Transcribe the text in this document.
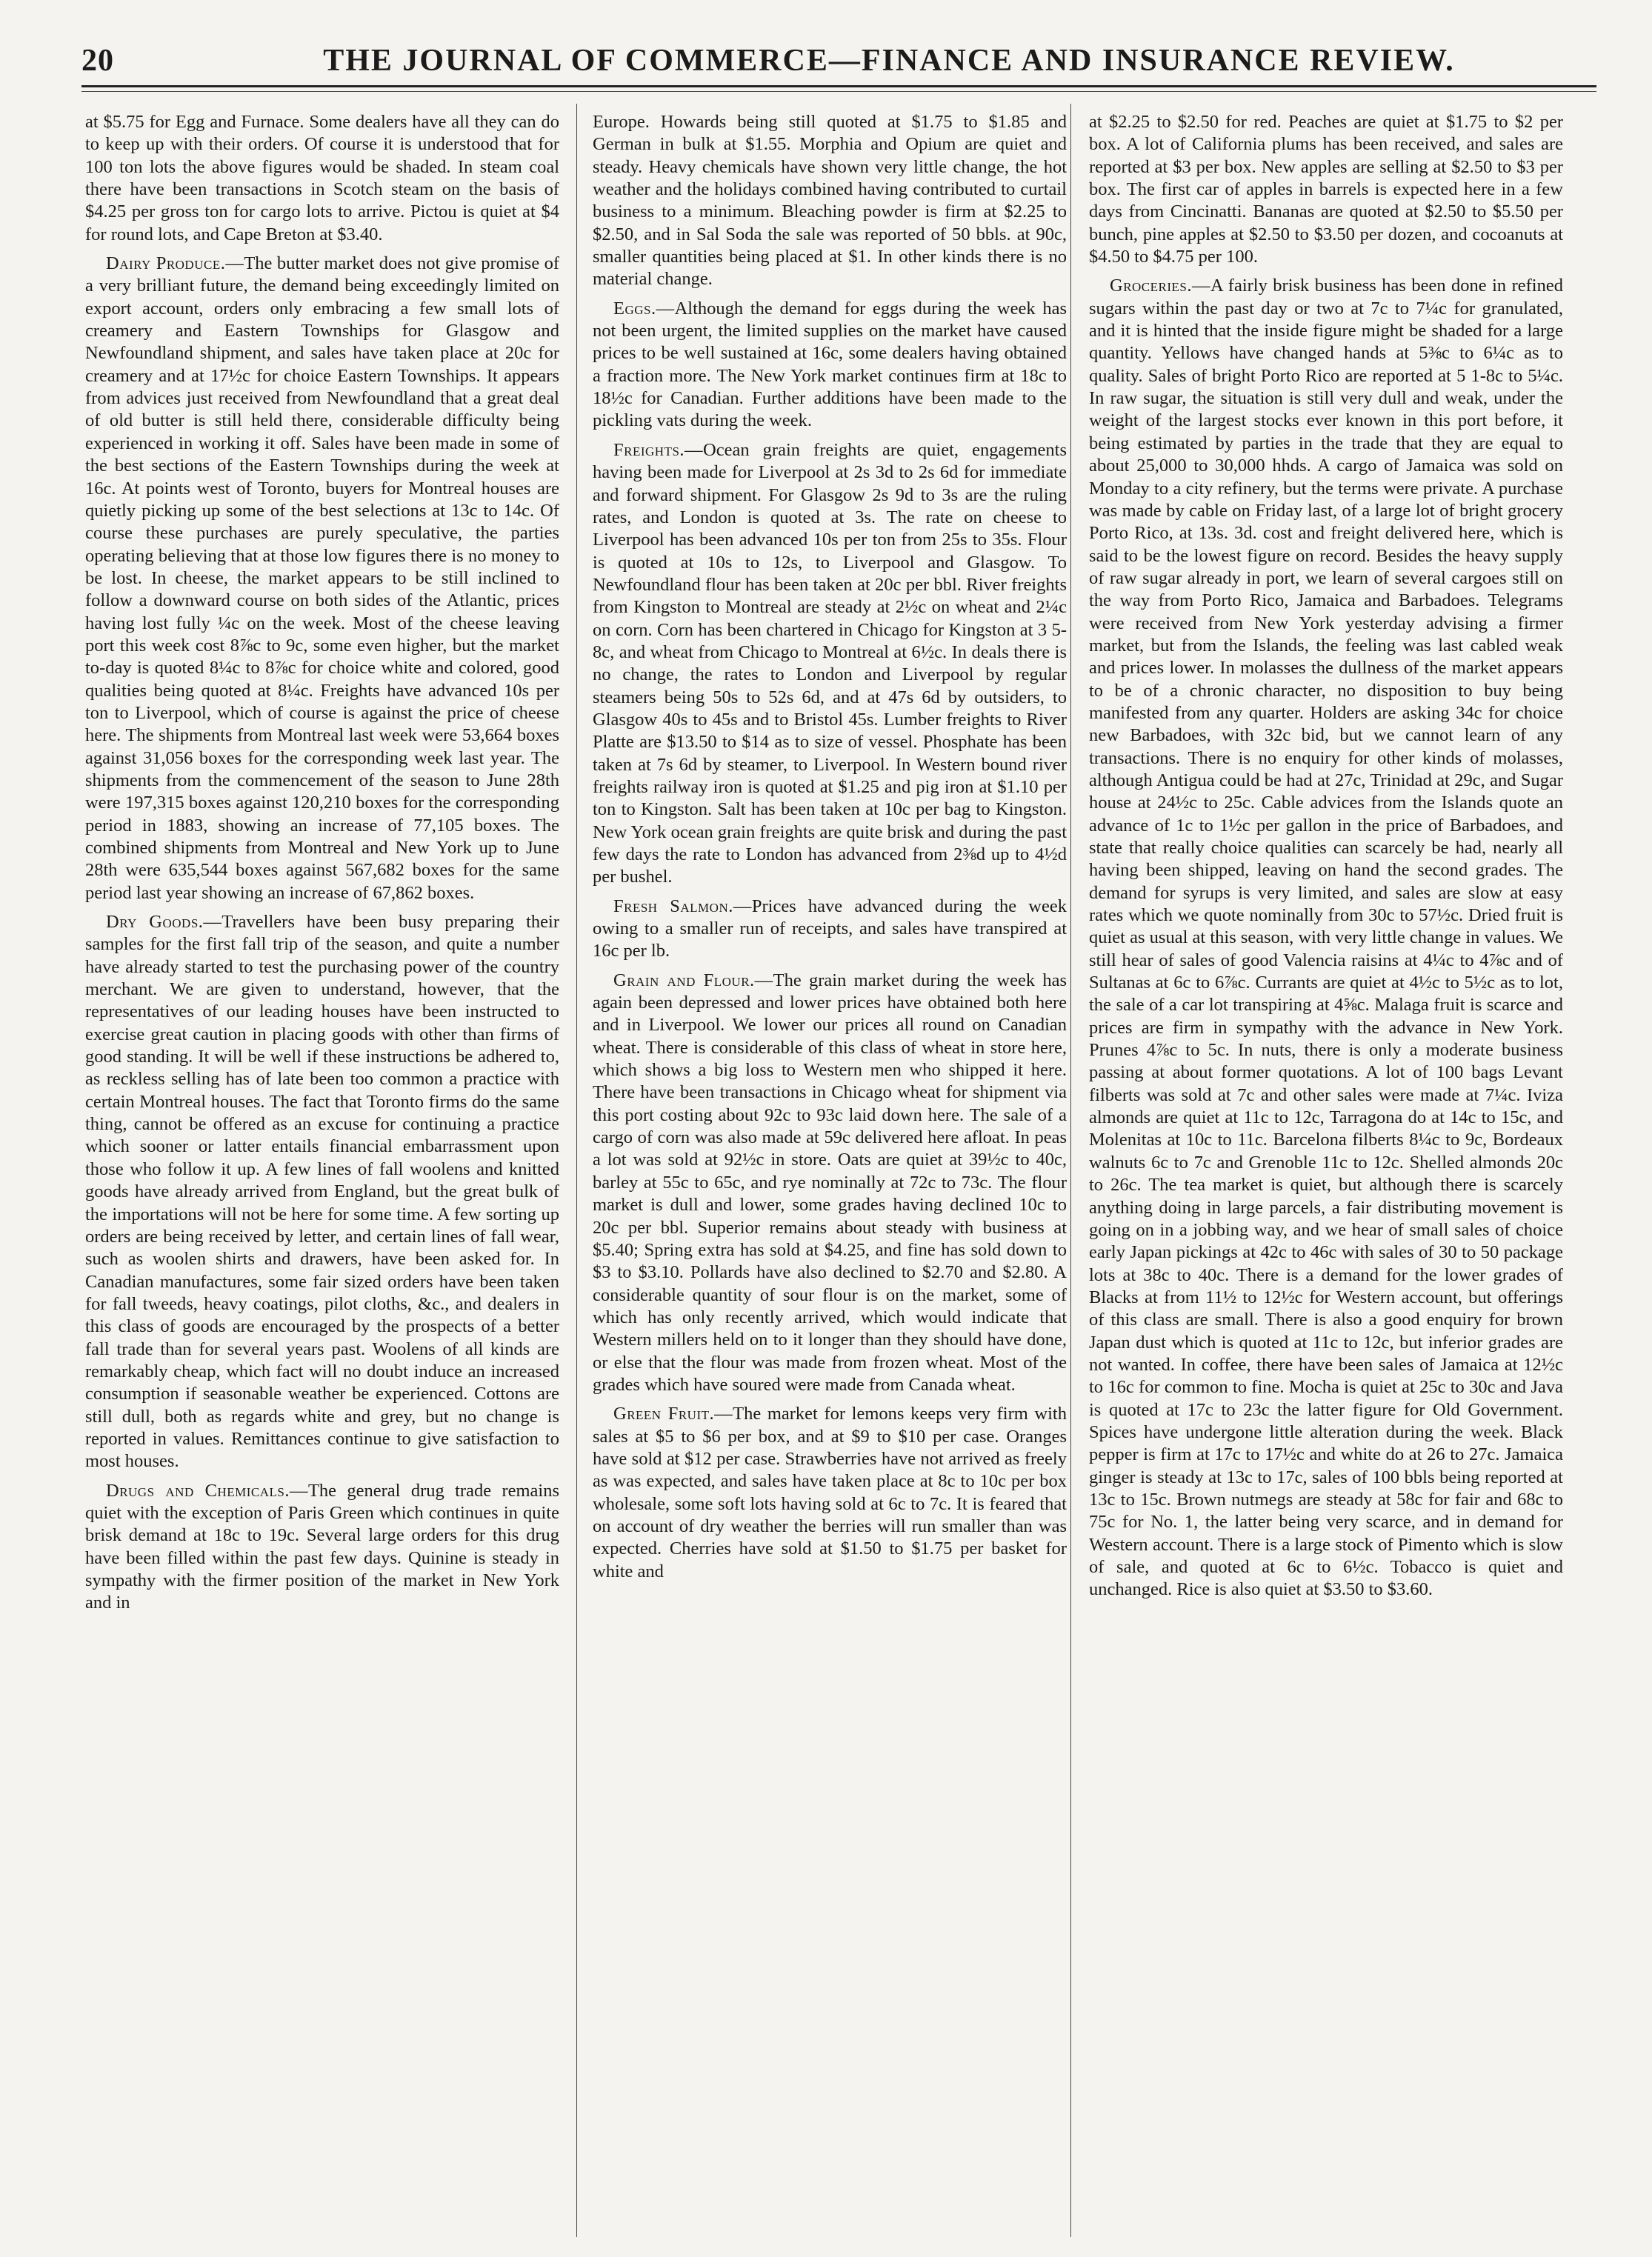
20	THE JOURNAL OF COMMERCE—FINANCE AND INSURANCE REVIEW.

at $5.75 for Egg and Furnace. Some dealers have all they can do to keep up with their orders. Of course it is understood that for 100 ton lots the above figures would be shaded. In steam coal there have been transactions in Scotch steam on the basis of $4.25 per gross ton for cargo lots to arrive. Pictou is quiet at $4 for round lots, and Cape Breton at $3.40.

Dairy Produce.—The butter market does not give promise of a very brilliant future, the demand being exceedingly limited on export account, orders only embracing a few small lots of creamery and Eastern Townships for Glasgow and Newfoundland shipment, and sales have taken place at 20c for creamery and at 17½c for choice Eastern Townships. It appears from advices just received from Newfoundland that a great deal of old butter is still held there, considerable difficulty being experienced in working it off. Sales have been made in some of the best sections of the Eastern Townships during the week at 16c. At points west of Toronto, buyers for Montreal houses are quietly picking up some of the best selections at 13c to 14c. Of course these purchases are purely speculative, the parties operating believing that at those low figures there is no money to be lost. In cheese, the market appears to be still inclined to follow a downward course on both sides of the Atlantic, prices having lost fully ¼c on the week. Most of the cheese leaving port this week cost 8⅞c to 9c, some even higher, but the market to-day is quoted 8¼c to 8⅞c for choice white and colored, good qualities being quoted at 8¼c. Freights have advanced 10s per ton to Liverpool, which of course is against the price of cheese here. The shipments from Montreal last week were 53,664 boxes against 31,056 boxes for the corresponding week last year. The shipments from the commencement of the season to June 28th were 197,315 boxes against 120,210 boxes for the corresponding period in 1883, showing an increase of 77,105 boxes. The combined shipments from Montreal and New York up to June 28th were 635,544 boxes against 567,682 boxes for the same period last year showing an increase of 67,862 boxes.

Dry Goods.—Travellers have been busy preparing their samples for the first fall trip of the season, and quite a number have already started to test the purchasing power of the country merchant. We are given to understand, however, that the representatives of our leading houses have been instructed to exercise great caution in placing goods with other than firms of good standing. It will be well if these instructions be adhered to, as reckless selling has of late been too common a practice with certain Montreal houses. The fact that Toronto firms do the same thing, cannot be offered as an excuse for continuing a practice which sooner or latter entails financial embarrassment upon those who follow it up. A few lines of fall woolens and knitted goods have already arrived from England, but the great bulk of the importations will not be here for some time. A few sorting up orders are being received by letter, and certain lines of fall wear, such as woolen shirts and drawers, have been asked for. In Canadian manufactures, some fair sized orders have been taken for fall tweeds, heavy coatings, pilot cloths, &c., and dealers in this class of goods are encouraged by the prospects of a better fall trade than for several years past. Woolens of all kinds are remarkably cheap, which fact will no doubt induce an increased consumption if seasonable weather be experienced. Cottons are still dull, both as regards white and grey, but no change is reported in values. Remittances continue to give satisfaction to most houses.

Drugs and Chemicals.—The general drug trade remains quiet with the exception of Paris Green which continues in quite brisk demand at 18c to 19c. Several large orders for this drug have been filled within the past few days. Quinine is steady in sympathy with the firmer position of the market in New York and in

Europe. Howards being still quoted at $1.75 to $1.85 and German in bulk at $1.55. Morphia and Opium are quiet and steady. Heavy chemicals have shown very little change, the hot weather and the holidays combined having contributed to curtail business to a minimum. Bleaching powder is firm at $2.25 to $2.50, and in Sal Soda the sale was reported of 50 bbls. at 90c, smaller quantities being placed at $1. In other kinds there is no material change.

Eggs.—Although the demand for eggs during the week has not been urgent, the limited supplies on the market have caused prices to be well sustained at 16c, some dealers having obtained a fraction more. The New York market continues firm at 18c to 18½c for Canadian. Further additions have been made to the pickling vats during the week.

Freights.—Ocean grain freights are quiet, engagements having been made for Liverpool at 2s 3d to 2s 6d for immediate and forward shipment. For Glasgow 2s 9d to 3s are the ruling rates, and London is quoted at 3s. The rate on cheese to Liverpool has been advanced 10s per ton from 25s to 35s. Flour is quoted at 10s to 12s, to Liverpool and Glasgow. To Newfoundland flour has been taken at 20c per bbl. River freights from Kingston to Montreal are steady at 2½c on wheat and 2¼c on corn. Corn has been chartered in Chicago for Kingston at 3 5-8c, and wheat from Chicago to Montreal at 6½c. In deals there is no change, the rates to London and Liverpool by regular steamers being 50s to 52s 6d, and at 47s 6d by outsiders, to Glasgow 40s to 45s and to Bristol 45s. Lumber freights to River Platte are $13.50 to $14 as to size of vessel. Phosphate has been taken at 7s 6d by steamer, to Liverpool. In Western bound river freights railway iron is quoted at $1.25 and pig iron at $1.10 per ton to Kingston. Salt has been taken at 10c per bag to Kingston. New York ocean grain freights are quite brisk and during the past few days the rate to London has advanced from 2⅜d up to 4½d per bushel.

Fresh Salmon.—Prices have advanced during the week owing to a smaller run of receipts, and sales have transpired at 16c per lb.

Grain and Flour.—The grain market during the week has again been depressed and lower prices have obtained both here and in Liverpool. We lower our prices all round on Canadian wheat. There is considerable of this class of wheat in store here, which shows a big loss to Western men who shipped it here. There have been transactions in Chicago wheat for shipment via this port costing about 92c to 93c laid down here. The sale of a cargo of corn was also made at 59c delivered here afloat. In peas a lot was sold at 92½c in store. Oats are quiet at 39½c to 40c, barley at 55c to 65c, and rye nominally at 72c to 73c. The flour market is dull and lower, some grades having declined 10c to 20c per bbl. Superior remains about steady with business at $5.40; Spring extra has sold at $4.25, and fine has sold down to $3 to $3.10. Pollards have also declined to $2.70 and $2.80. A considerable quantity of sour flour is on the market, some of which has only recently arrived, which would indicate that Western millers held on to it longer than they should have done, or else that the flour was made from frozen wheat. Most of the grades which have soured were made from Canada wheat.

Green Fruit.—The market for lemons keeps very firm with sales at $5 to $6 per box, and at $9 to $10 per case. Oranges have sold at $12 per case. Strawberries have not arrived as freely as was expected, and sales have taken place at 8c to 10c per box wholesale, some soft lots having sold at 6c to 7c. It is feared that on account of dry weather the berries will run smaller than was expected. Cherries have sold at $1.50 to $1.75 per basket for white and

at $2.25 to $2.50 for red. Peaches are quiet at $1.75 to $2 per box. A lot of California plums has been received, and sales are reported at $3 per box. New apples are selling at $2.50 to $3 per box. The first car of apples in barrels is expected here in a few days from Cincinatti. Bananas are quoted at $2.50 to $5.50 per bunch, pine apples at $2.50 to $3.50 per dozen, and cocoanuts at $4.50 to $4.75 per 100.

Groceries.—A fairly brisk business has been done in refined sugars within the past day or two at 7c to 7¼c for granulated, and it is hinted that the inside figure might be shaded for a large quantity. Yellows have changed hands at 5⅜c to 6¼c as to quality. Sales of bright Porto Rico are reported at 5 1-8c to 5¼c. In raw sugar, the situation is still very dull and weak, under the weight of the largest stocks ever known in this port before, it being estimated by parties in the trade that they are equal to about 25,000 to 30,000 hhds. A cargo of Jamaica was sold on Monday to a city refinery, but the terms were private. A purchase was made by cable on Friday last, of a large lot of bright grocery Porto Rico, at 13s. 3d. cost and freight delivered here, which is said to be the lowest figure on record. Besides the heavy supply of raw sugar already in port, we learn of several cargoes still on the way from Porto Rico, Jamaica and Barbadoes. Telegrams were received from New York yesterday advising a firmer market, but from the Islands, the feeling was last cabled weak and prices lower. In molasses the dullness of the market appears to be of a chronic character, no disposition to buy being manifested from any quarter. Holders are asking 34c for choice new Barbadoes, with 32c bid, but we cannot learn of any transactions. There is no enquiry for other kinds of molasses, although Antigua could be had at 27c, Trinidad at 29c, and Sugar house at 24½c to 25c. Cable advices from the Islands quote an advance of 1c to 1½c per gallon in the price of Barbadoes, and state that really choice qualities can scarcely be had, nearly all having been shipped, leaving on hand the second grades. The demand for syrups is very limited, and sales are slow at easy rates which we quote nominally from 30c to 57½c. Dried fruit is quiet as usual at this season, with very little change in values. We still hear of sales of good Valencia raisins at 4¼c to 4⅞c and of Sultanas at 6c to 6⅞c. Currants are quiet at 4½c to 5½c as to lot, the sale of a car lot transpiring at 4⅝c. Malaga fruit is scarce and prices are firm in sympathy with the advance in New York. Prunes 4⅞c to 5c. In nuts, there is only a moderate business passing at about former quotations. A lot of 100 bags Levant filberts was sold at 7c and other sales were made at 7¼c. Iviza almonds are quiet at 11c to 12c, Tarragona do at 14c to 15c, and Molenitas at 10c to 11c. Barcelona filberts 8¼c to 9c, Bordeaux walnuts 6c to 7c and Grenoble 11c to 12c. Shelled almonds 20c to 26c. The tea market is quiet, but although there is scarcely anything doing in large parcels, a fair distributing movement is going on in a jobbing way, and we hear of small sales of choice early Japan pickings at 42c to 46c with sales of 30 to 50 package lots at 38c to 40c. There is a demand for the lower grades of Blacks at from 11½ to 12½c for Western account, but offerings of this class are small. There is also a good enquiry for brown Japan dust which is quoted at 11c to 12c, but inferior grades are not wanted. In coffee, there have been sales of Jamaica at 12½c to 16c for common to fine. Mocha is quiet at 25c to 30c and Java is quoted at 17c to 23c the latter figure for Old Government. Spices have undergone little alteration during the week. Black pepper is firm at 17c to 17½c and white do at 26 to 27c. Jamaica ginger is steady at 13c to 17c, sales of 100 bbls being reported at 13c to 15c. Brown nutmegs are steady at 58c for fair and 68c to 75c for No. 1, the latter being very scarce, and in demand for Western account. There is a large stock of Pimento which is slow of sale, and quoted at 6c to 6½c. Tobacco is quiet and unchanged. Rice is also quiet at $3.50 to $3.60.
